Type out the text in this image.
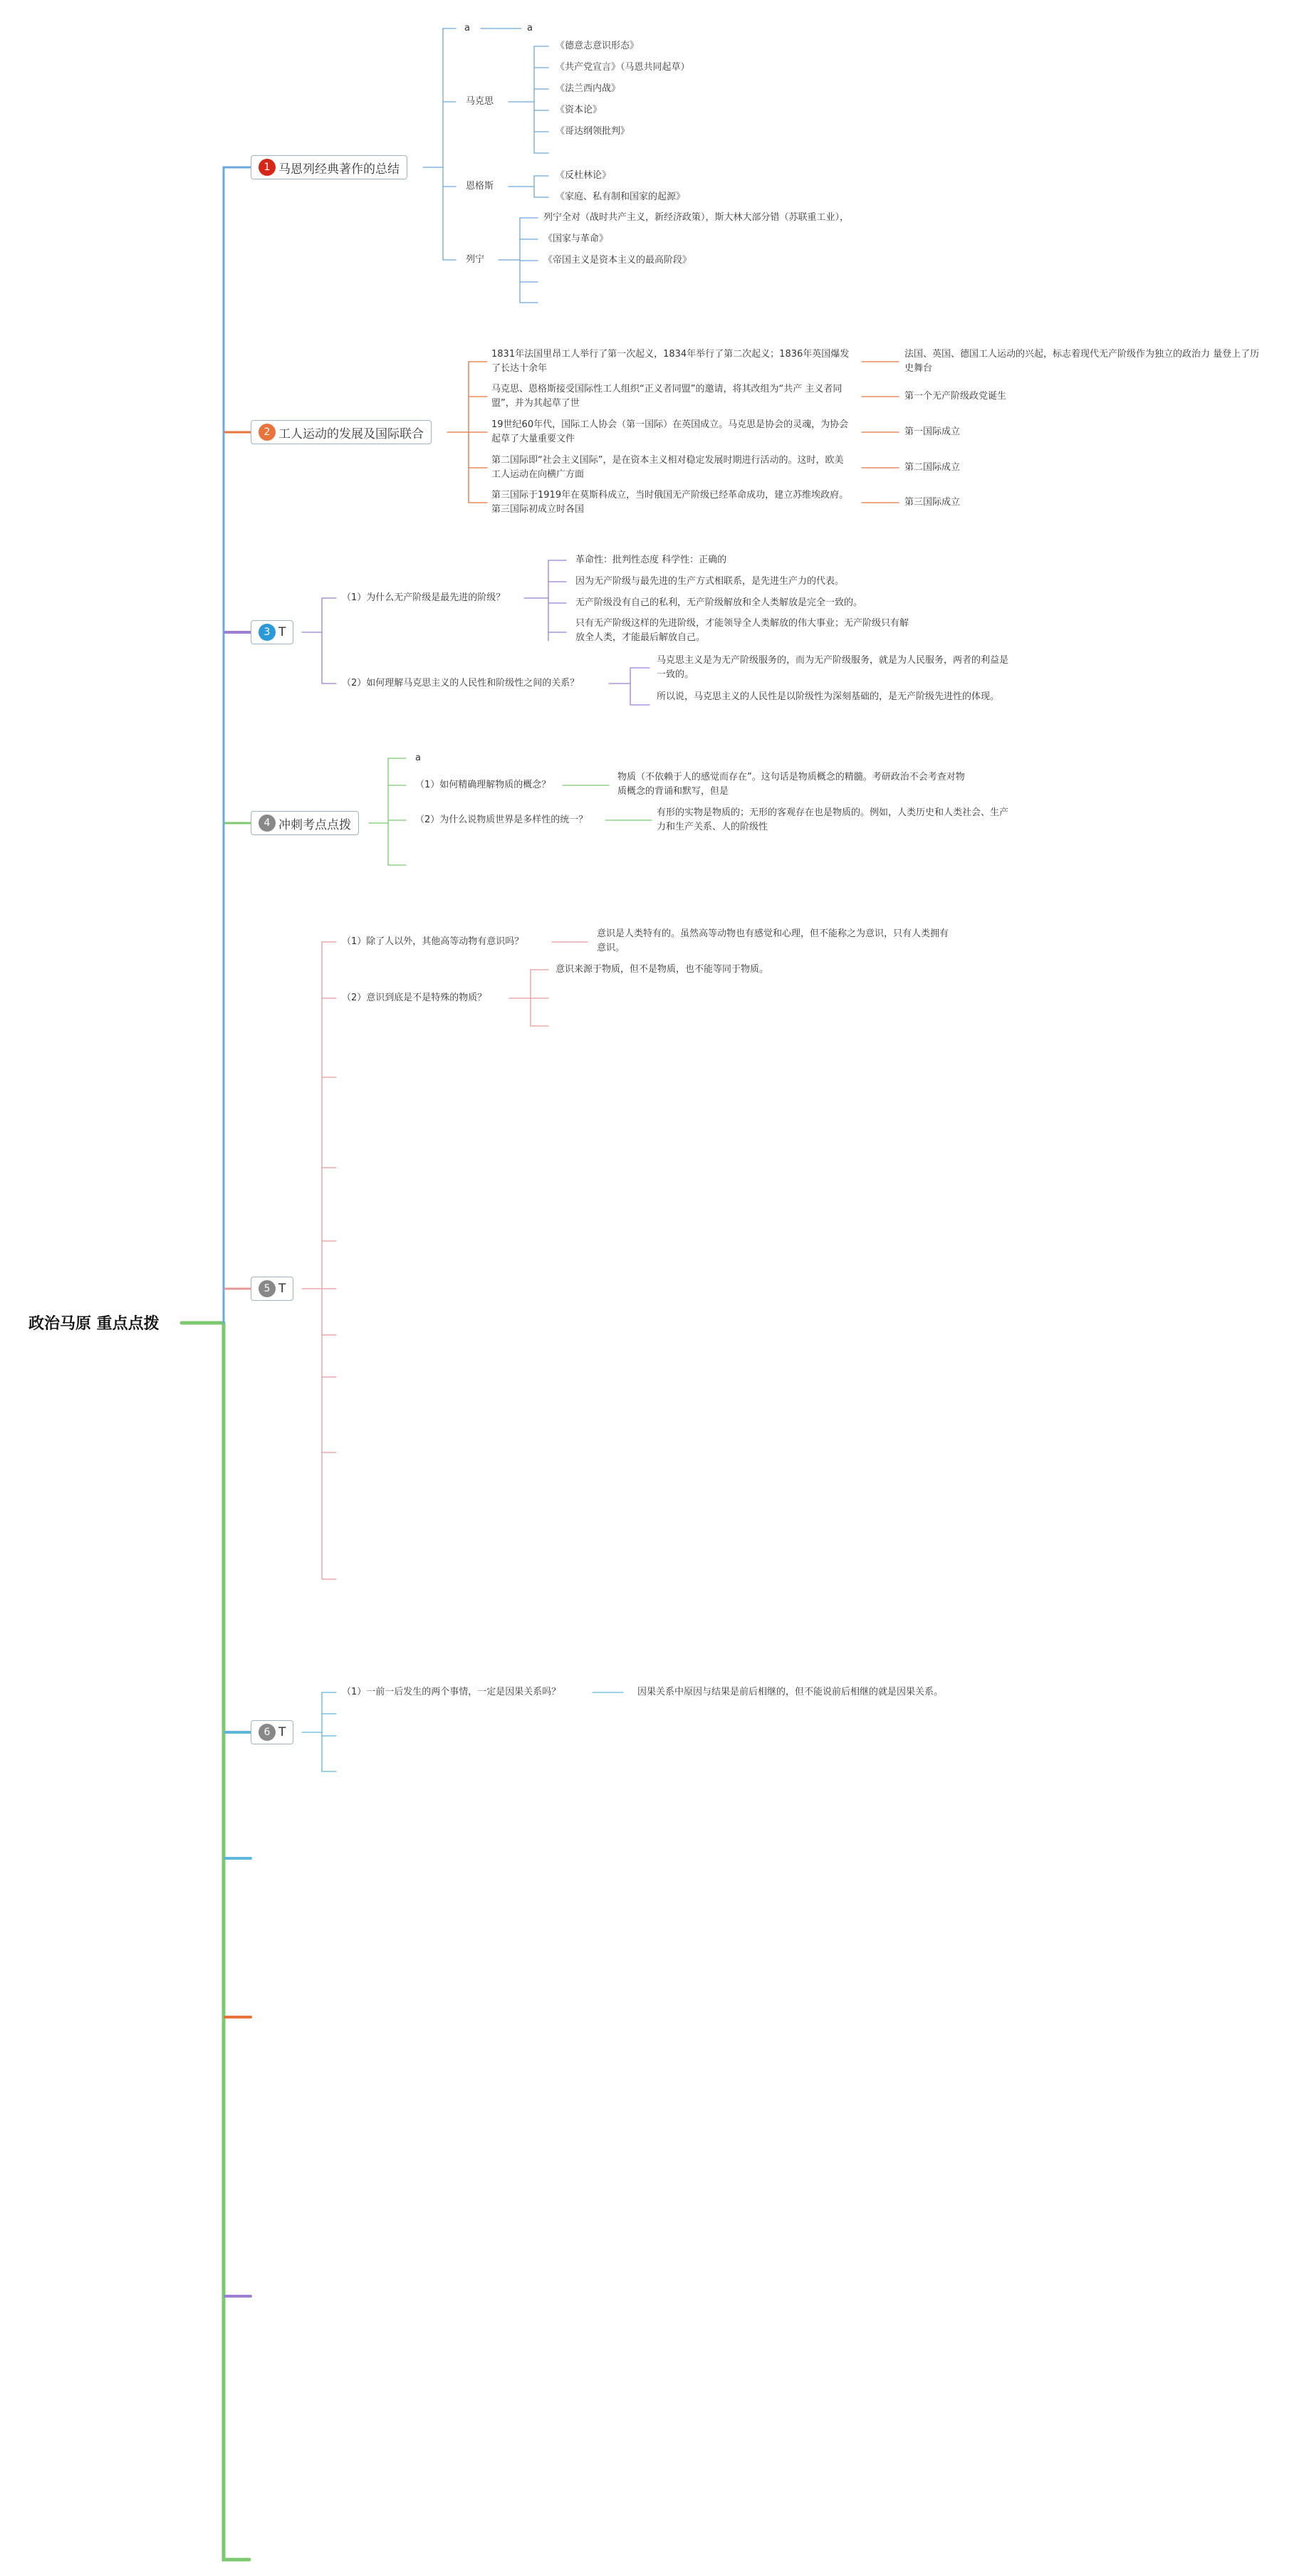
政治马原 重点点拨
1 马恩列经典著作的总结
a	a
马克思
《德意志意识形态》
《共产党宣言》（马恩共同起草）
《法兰西内战》
《资本论》
《哥达纲领批判》
恩格斯
《反杜林论》
《家庭、私有制和国家的起源》
列宁
列宁全对（战时共产主义，新经济政策），斯大林大部分错（苏联重工业），
《国家与革命》
《帝国主义是资本主义的最高阶段》
2 工人运动的发展及国际联合
1831年法国里昂工人举行了第一次起义，1834年举行了第二次起义；1836年英国爆发了长达十余年
马克思、恩格斯接受国际性工人组织“正义者同盟”的邀请，将其改组为“共产 主义者同盟”，并为其起草了世
19世纪60年代，国际工人协会（第一国际）在英国成立。马克思是协会的灵魂，为协会起草了大量重要文件
第二国际即“社会主义国际”，是在资本主义相对稳定发展时期进行活动的。这时，欧美工人运动在向横广方面
第三国际于1919年在莫斯科成立，当时俄国无产阶级已经革命成功，建立苏维埃政府。第三国际初成立时各国
法国、英国、德国工人运动的兴起，标志着现代无产阶级作为独立的政治力 量登上了历史舞台
第一个无产阶级政党诞生
第一国际成立
第二国际成立
第三国际成立
3 T
（1）为什么无产阶级是最先进的阶级？
革命性：批判性态度 科学性：正确的
因为无产阶级与最先进的生产方式相联系，是先进生产力的代表。
无产阶级没有自己的私利，无产阶级解放和全人类解放是完全一致的。
只有无产阶级这样的先进阶级，才能领导全人类解放的伟大事业；无产阶级只有解放全人类，才能最后解放自己。
（2）如何理解马克思主义的人民性和阶级性之间的关系？
马克思主义是为无产阶级服务的，而为无产阶级服务，就是为人民服务，两者的利益是一致的。
所以说，马克思主义的人民性是以阶级性为深刻基础的，是无产阶级先进性的体现。
4 冲刺考点点拨
a
（1）如何精确理解物质的概念？
物质（不依赖于人的感觉而存在”。这句话是物质概念的精髓。考研政治不会考查对物质概念的背诵和默写，但是
（2）为什么说物质世界是多样性的统一？
有形的实物是物质的；无形的客观存在也是物质的。例如，人类历史和人类社会、生产力和生产关系、人的阶级性
5 T
（1）除了人以外，其他高等动物有意识吗？
意识是人类特有的。虽然高等动物也有感觉和心理，但不能称之为意识，只有人类拥有意识。
（2）意识到底是不是特殊的物质？
意识来源于物质，但不是物质，也不能等同于物质。
6 T
（1）一前一后发生的两个事情，一定是因果关系吗？	因果关系中原因与结果是前后相继的，但不能说前后相继的就是因果关系。
